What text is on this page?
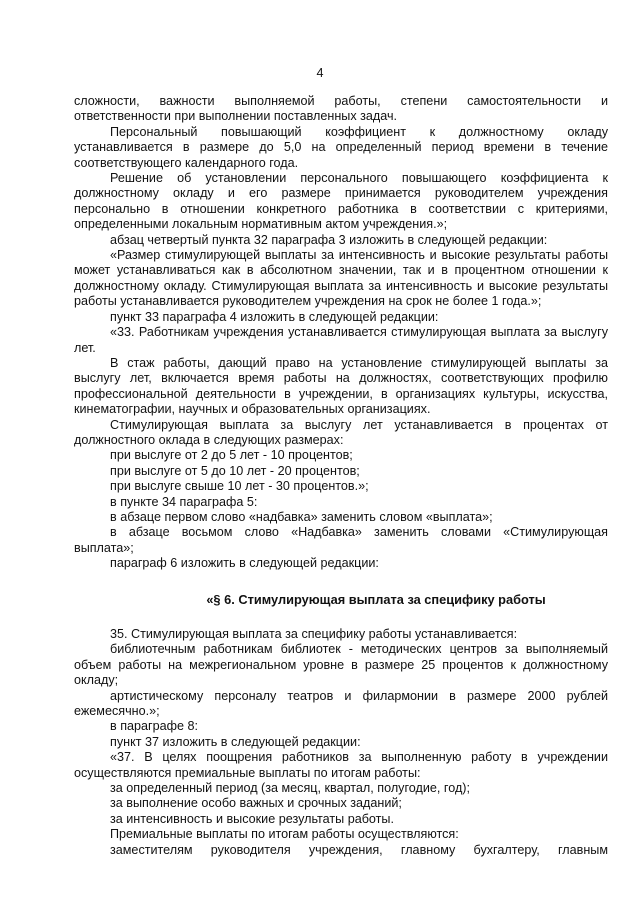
4

сложности, важности выполняемой работы, степени самостоятельности и ответственности при выполнении поставленных задач.

Персональный повышающий коэффициент к должностному окладу устанавливается в размере до 5,0 на определенный период времени в течение соответствующего календарного года.

Решение об установлении персонального повышающего коэффициента к должностному окладу и его размере принимается руководителем учреждения персонально в отношении конкретного работника в соответствии с критериями, определенными локальным нормативным актом учреждения.»;

абзац четвертый пункта 32 параграфа 3 изложить в следующей редакции:

«Размер стимулирующей выплаты за интенсивность и высокие результаты работы может устанавливаться как в абсолютном значении, так и в процентном отношении к должностному окладу. Стимулирующая выплата за интенсивность и высокие результаты работы устанавливается руководителем учреждения на срок не более 1 года.»;

пункт 33 параграфа 4 изложить в следующей редакции:

«33. Работникам учреждения устанавливается стимулирующая выплата за выслугу лет.

В стаж работы, дающий право на установление стимулирующей выплаты за выслугу лет, включается время работы на должностях, соответствующих профилю профессиональной деятельности в учреждении, в организациях культуры, искусства, кинематографии, научных и образовательных организациях.

Стимулирующая выплата за выслугу лет устанавливается в процентах от должностного оклада в следующих размерах:

при выслуге от 2 до 5 лет - 10 процентов;

при выслуге от 5 до 10 лет - 20 процентов;

при выслуге свыше 10 лет - 30 процентов.»;

в пункте 34 параграфа 5:

в абзаце первом слово «надбавка» заменить словом «выплата»;

в абзаце восьмом слово «Надбавка» заменить словами «Стимулирующая выплата»;

параграф 6 изложить в следующей редакции:

«§ 6. Стимулирующая выплата за специфику работы

35. Стимулирующая выплата за специфику работы устанавливается:

библиотечным работникам библиотек - методических центров за выполняемый объем работы на межрегиональном уровне в размере 25 процентов к должностному окладу;

артистическому персоналу театров и филармонии в размере 2000 рублей ежемесячно.»;

в параграфе 8:

пункт 37 изложить в следующей редакции:

«37. В целях поощрения работников за выполненную работу в учреждении осуществляются премиальные выплаты по итогам работы:

за определенный период (за месяц, квартал, полугодие, год);

за выполнение особо важных и срочных заданий;

за интенсивность и высокие результаты работы.

Премиальные выплаты по итогам работы осуществляются:

заместителям руководителя учреждения, главному бухгалтеру, главным
